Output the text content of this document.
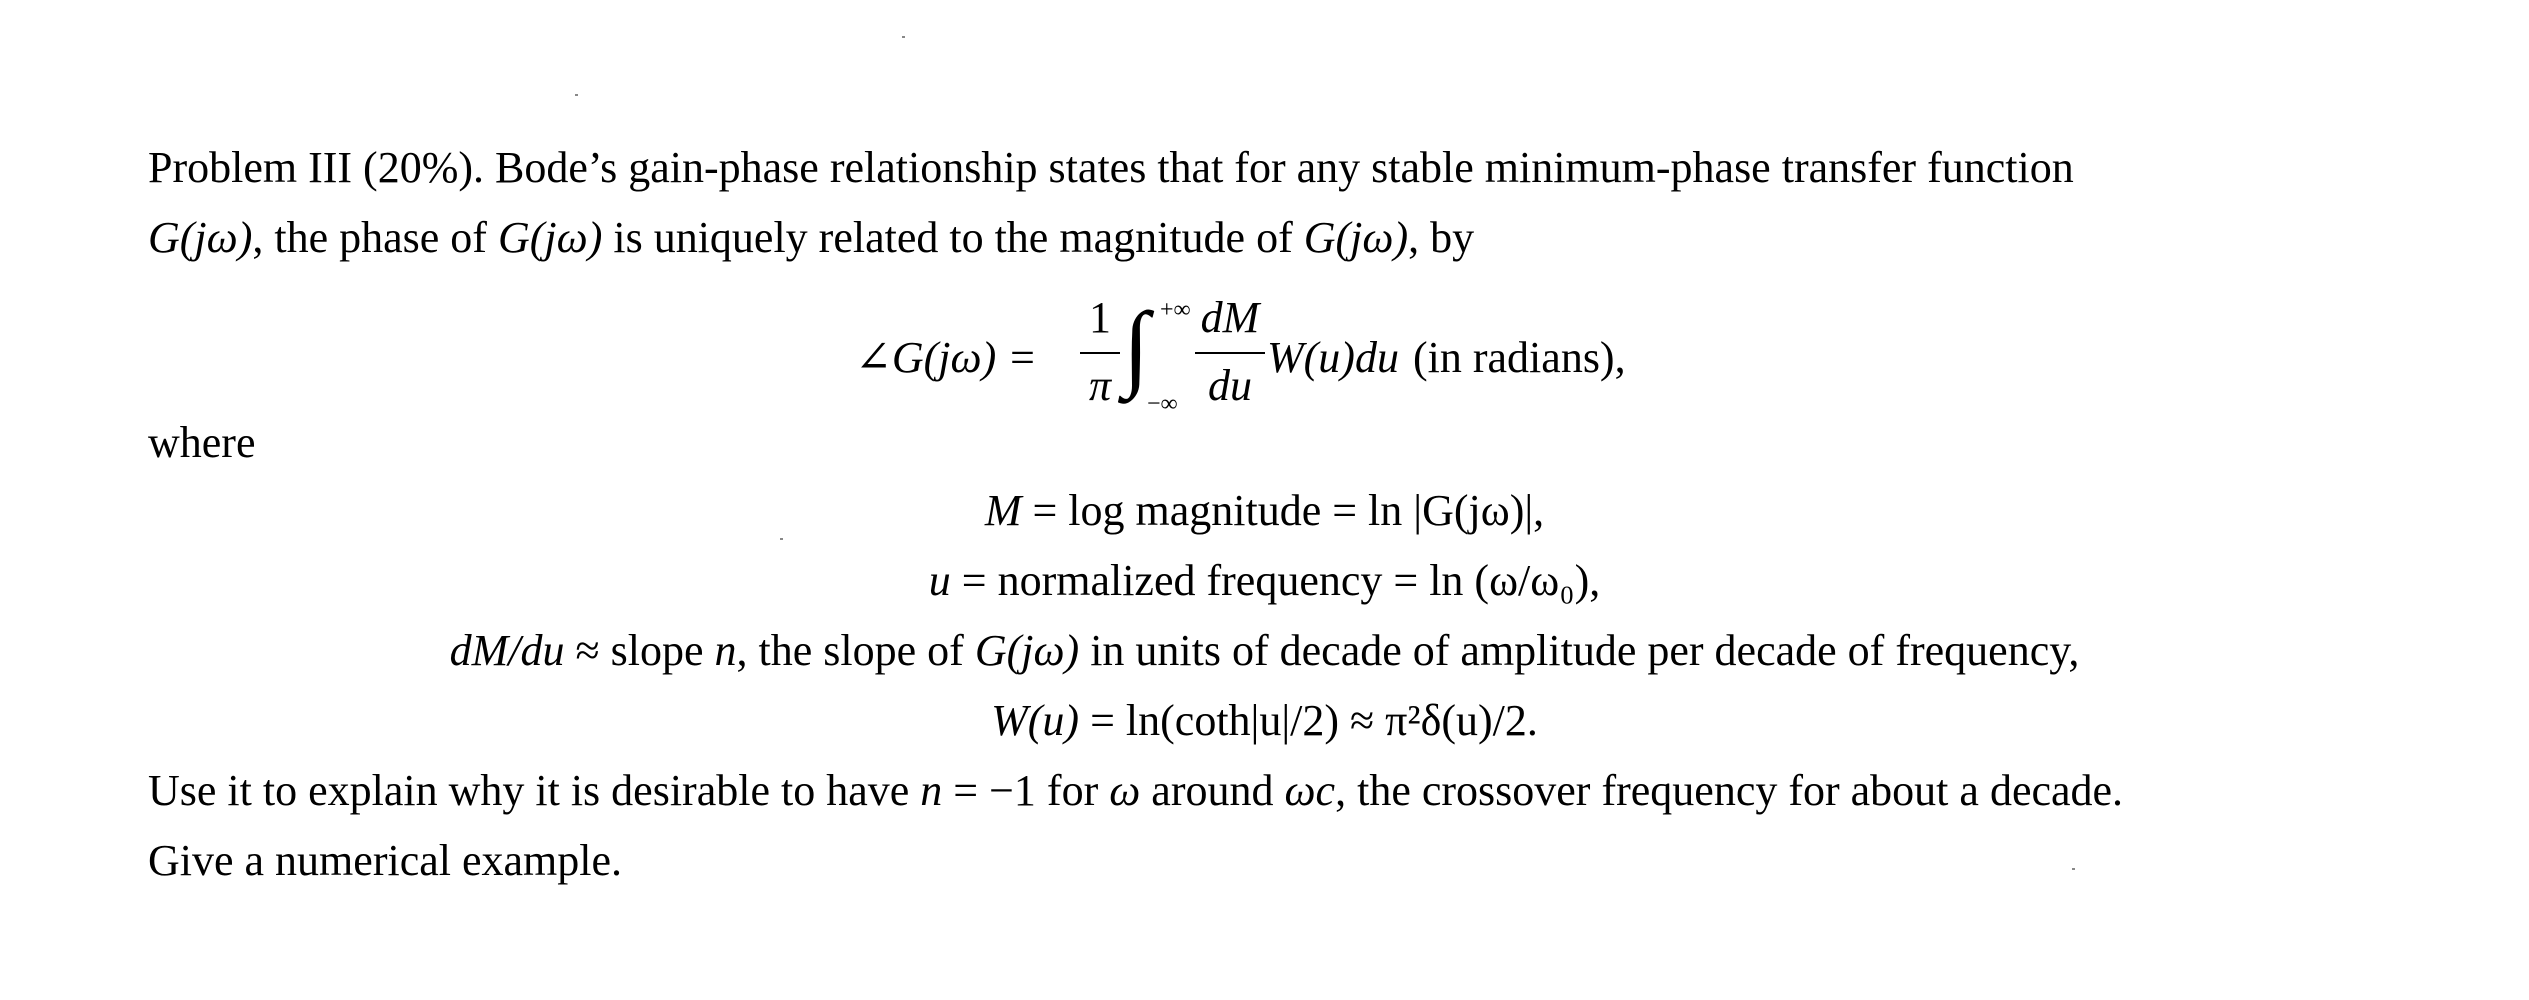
Problem III (20%). Bode’s gain-phase relationship states that for any stable minimum-phase transfer function
G(jω), the phase of G(jω) is uniquely related to the magnitude of G(jω), by
∠G(jω) =
1
π ∫ +∞
−∞
dM
du
W(u)du (in radians),
where
M = log magnitude = ln |G(jω)|,
u = normalized frequency = ln (ω/ω₀),
dM/du ≈ slope n, the slope of G(jω) in units of decade of amplitude per decade of frequency,
W(u) = ln(coth|u|/2) ≈ π²δ(u)/2.
Use it to explain why it is desirable to have n = −1 for ω around ωc, the crossover frequency for about a decade.
Give a numerical example.
